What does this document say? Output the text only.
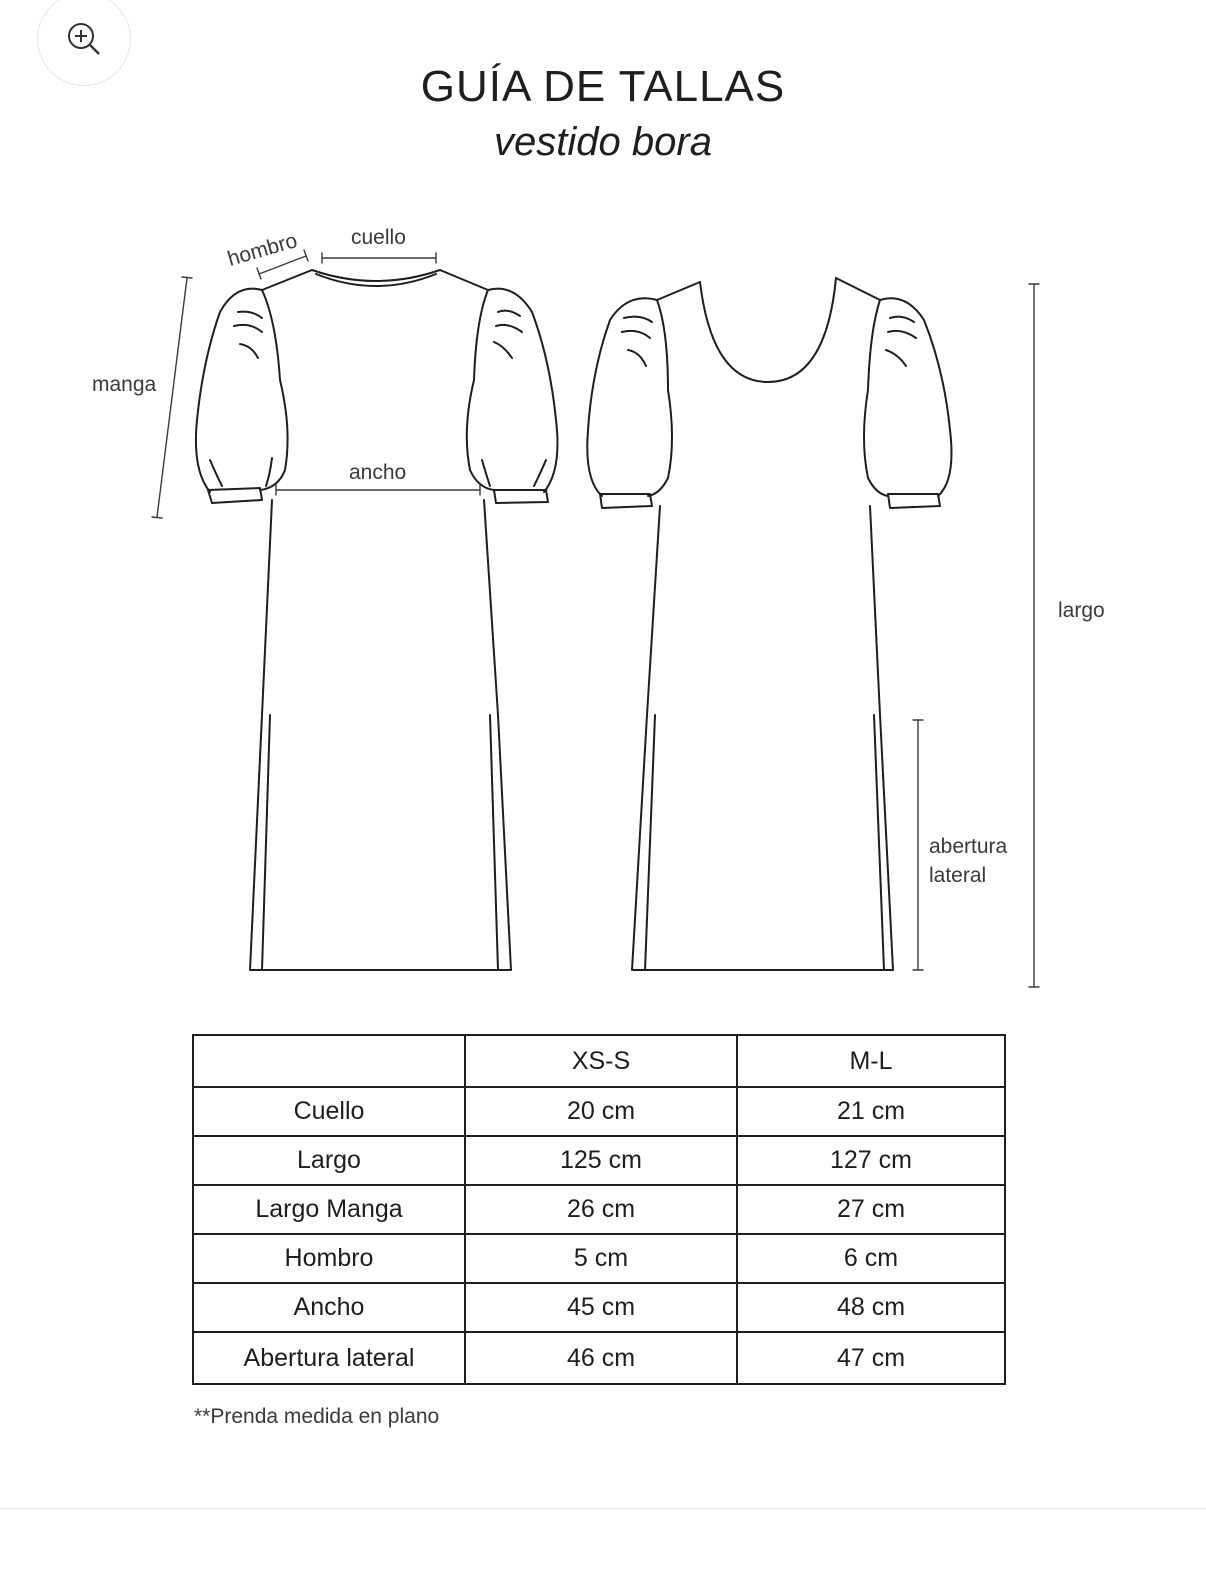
GUÍA DE TALLAS
vestido bora
hombro cuello
manga
ancho
largo
abertura
lateral
	XS-S	M-L
Cuello	20 cm	21 cm
Largo	125 cm	127 cm
Largo Manga	26 cm	27 cm
Hombro	5 cm	6 cm
Ancho	45 cm	48 cm
Abertura lateral	46 cm	47 cm
**Prenda medida en plano
